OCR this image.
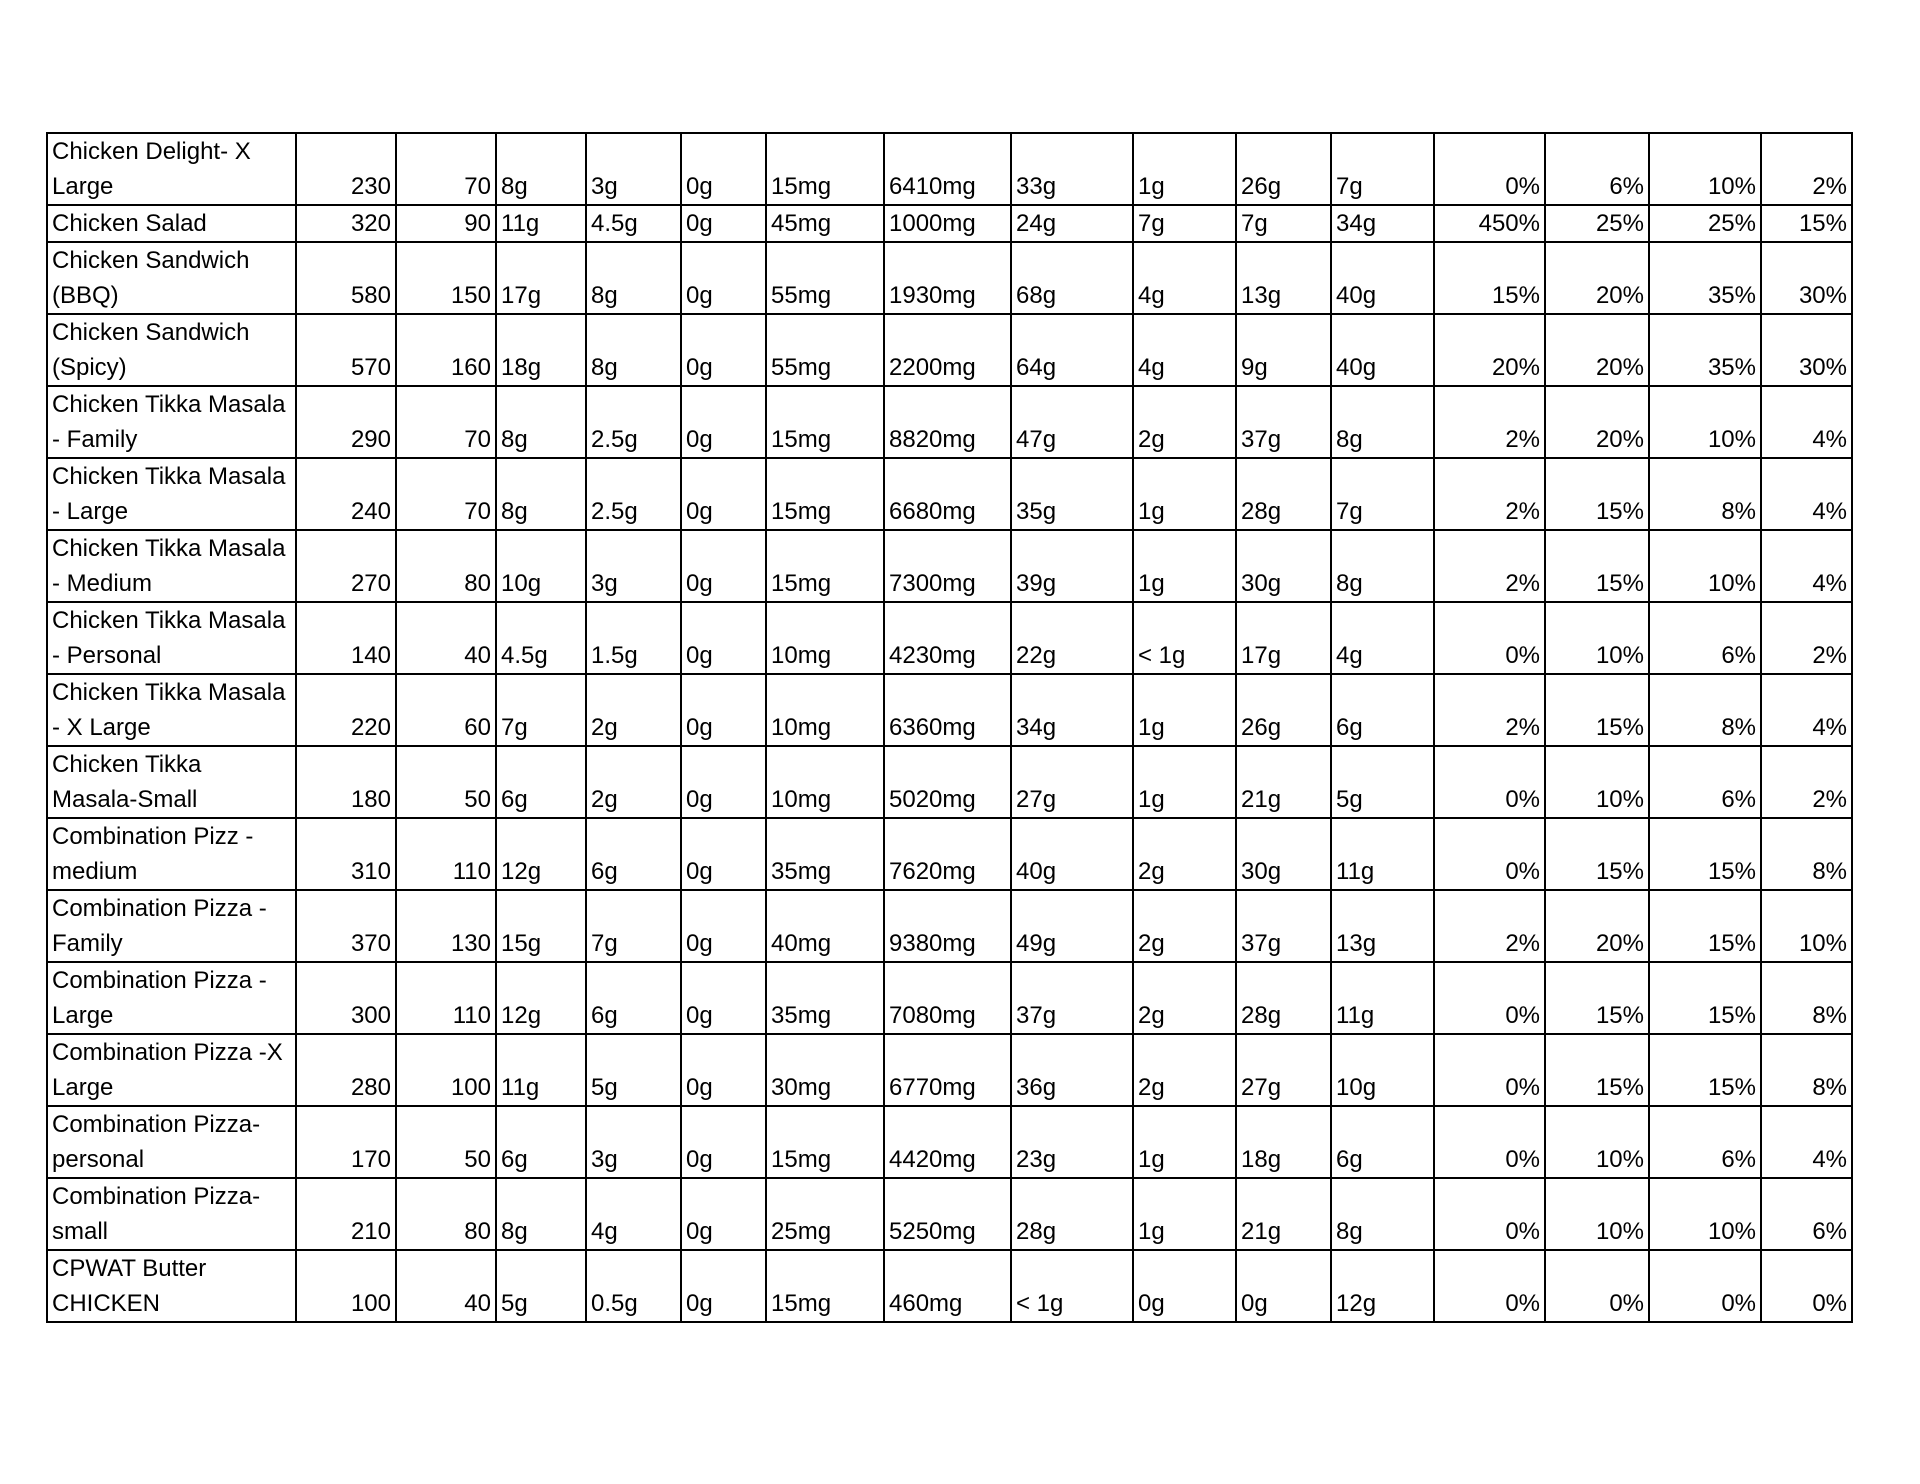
Chicken Delight- X Large	230	70	8g	3g	0g	15mg	6410mg	33g	1g	26g	7g	0%	6%	10%	2%
Chicken Salad	320	90	11g	4.5g	0g	45mg	1000mg	24g	7g	7g	34g	450%	25%	25%	15%
Chicken Sandwich (BBQ)	580	150	17g	8g	0g	55mg	1930mg	68g	4g	13g	40g	15%	20%	35%	30%
Chicken Sandwich (Spicy)	570	160	18g	8g	0g	55mg	2200mg	64g	4g	9g	40g	20%	20%	35%	30%
Chicken Tikka Masala - Family	290	70	8g	2.5g	0g	15mg	8820mg	47g	2g	37g	8g	2%	20%	10%	4%
Chicken Tikka Masala - Large	240	70	8g	2.5g	0g	15mg	6680mg	35g	1g	28g	7g	2%	15%	8%	4%
Chicken Tikka Masala - Medium	270	80	10g	3g	0g	15mg	7300mg	39g	1g	30g	8g	2%	15%	10%	4%
Chicken Tikka Masala - Personal	140	40	4.5g	1.5g	0g	10mg	4230mg	22g	< 1g	17g	4g	0%	10%	6%	2%
Chicken Tikka Masala - X Large	220	60	7g	2g	0g	10mg	6360mg	34g	1g	26g	6g	2%	15%	8%	4%
Chicken Tikka Masala-Small	180	50	6g	2g	0g	10mg	5020mg	27g	1g	21g	5g	0%	10%	6%	2%
Combination Pizz - medium	310	110	12g	6g	0g	35mg	7620mg	40g	2g	30g	11g	0%	15%	15%	8%
Combination Pizza - Family	370	130	15g	7g	0g	40mg	9380mg	49g	2g	37g	13g	2%	20%	15%	10%
Combination Pizza - Large	300	110	12g	6g	0g	35mg	7080mg	37g	2g	28g	11g	0%	15%	15%	8%
Combination Pizza -X Large	280	100	11g	5g	0g	30mg	6770mg	36g	2g	27g	10g	0%	15%	15%	8%
Combination Pizza-personal	170	50	6g	3g	0g	15mg	4420mg	23g	1g	18g	6g	0%	10%	6%	4%
Combination Pizza-small	210	80	8g	4g	0g	25mg	5250mg	28g	1g	21g	8g	0%	10%	10%	6%
CPWAT Butter CHICKEN	100	40	5g	0.5g	0g	15mg	460mg	< 1g	0g	0g	12g	0%	0%	0%	0%
